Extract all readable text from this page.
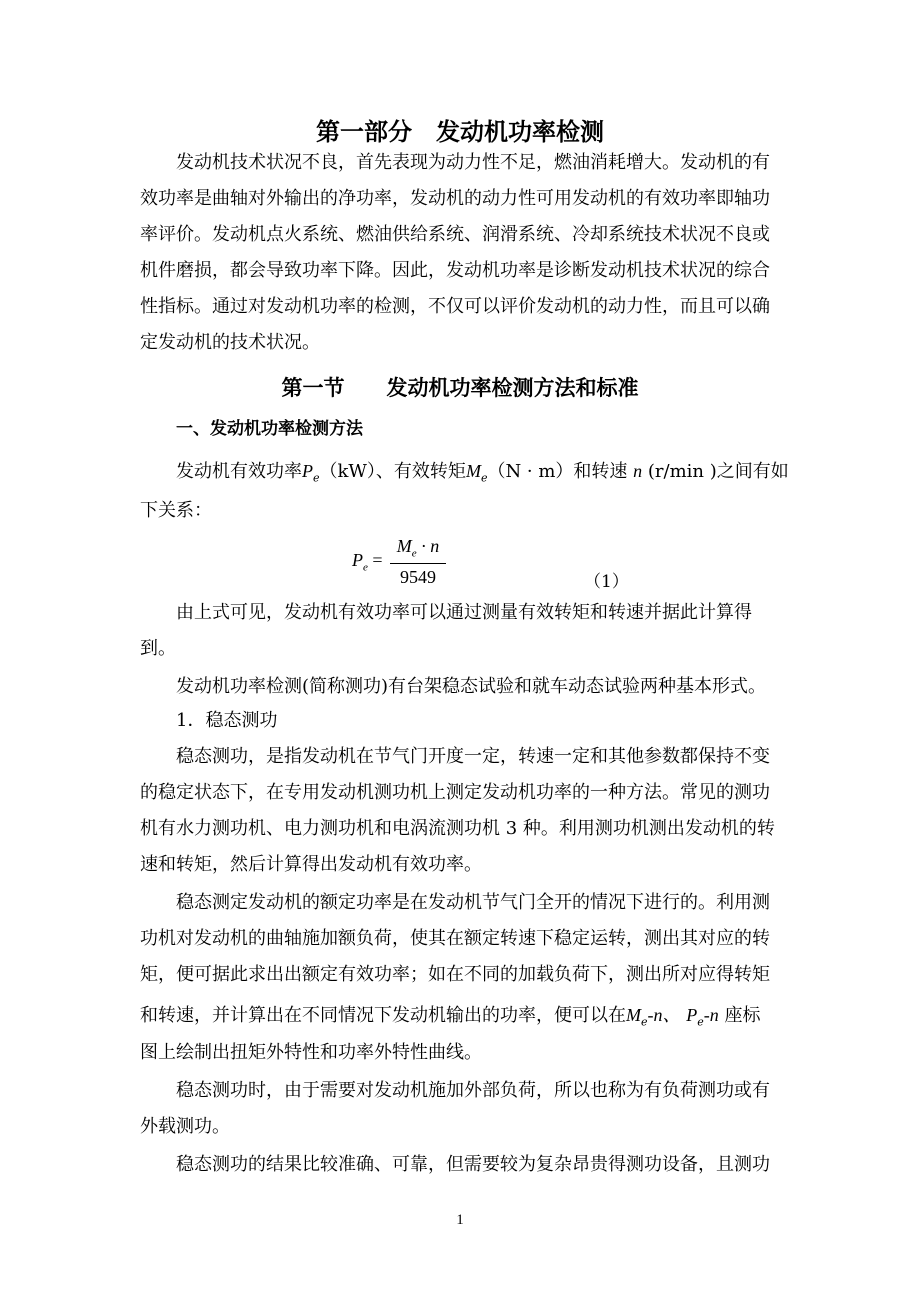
第一部分　发动机功率检测
发动机技术状况不良，首先表现为动力性不足，燃油消耗增大。发动机的有
效功率是曲轴对外输出的净功率，发动机的动力性可用发动机的有效功率即轴功
率评价。发动机点火系统、燃油供给系统、润滑系统、冷却系统技术状况不良或
机件磨损，都会导致功率下降。因此，发动机功率是诊断发动机技术状况的综合
性指标。通过对发动机功率的检测，不仅可以评价发动机的动力性，而且可以确
定发动机的技术状况。
第一节　　发动机功率检测方法和标准
一、发动机功率检测方法
发动机有效功率$P_e(kW)$、有效转矩$M_e(N \cdot m)$和转速 n (r/min )之间有如
下关系：
$P_e$ =
$M_e \cdot n$
9549	（1）
由上式可见，发动机有效功率可以通过测量有效转矩和转速并据此计算得
到。
发动机功率检测(简称测功)有台架稳态试验和就车动态试验两种基本形式。
1．稳态测功
稳态测功，是指发动机在节气门开度一定，转速一定和其他参数都保持不变
的稳定状态下，在专用发动机测功机上测定发动机功率的一种方法。常见的测功
机有水力测功机、电力测功机和电涡流测功机 3 种。利用测功机测出发动机的转
速和转矩，然后计算得出发动机有效功率。
稳态测定发动机的额定功率是在发动机节气门全开的情况下进行的。利用测
功机对发动机的曲轴施加额负荷，使其在额定转速下稳定运转，测出其对应的转
矩，便可据此求出出额定有效功率；如在不同的加载负荷下，测出所对应得转矩
和转速，并计算出在不同情况下发动机输出的功率，便可以在$M_e-n$、 $P_e-n$ 座标
图上绘制出扭矩外特性和功率外特性曲线。
稳态测功时，由于需要对发动机施加外部负荷，所以也称为有负荷测功或有
外载测功。
稳态测功的结果比较准确、可靠，但需要较为复杂昂贵得测功设备，且测功
1
